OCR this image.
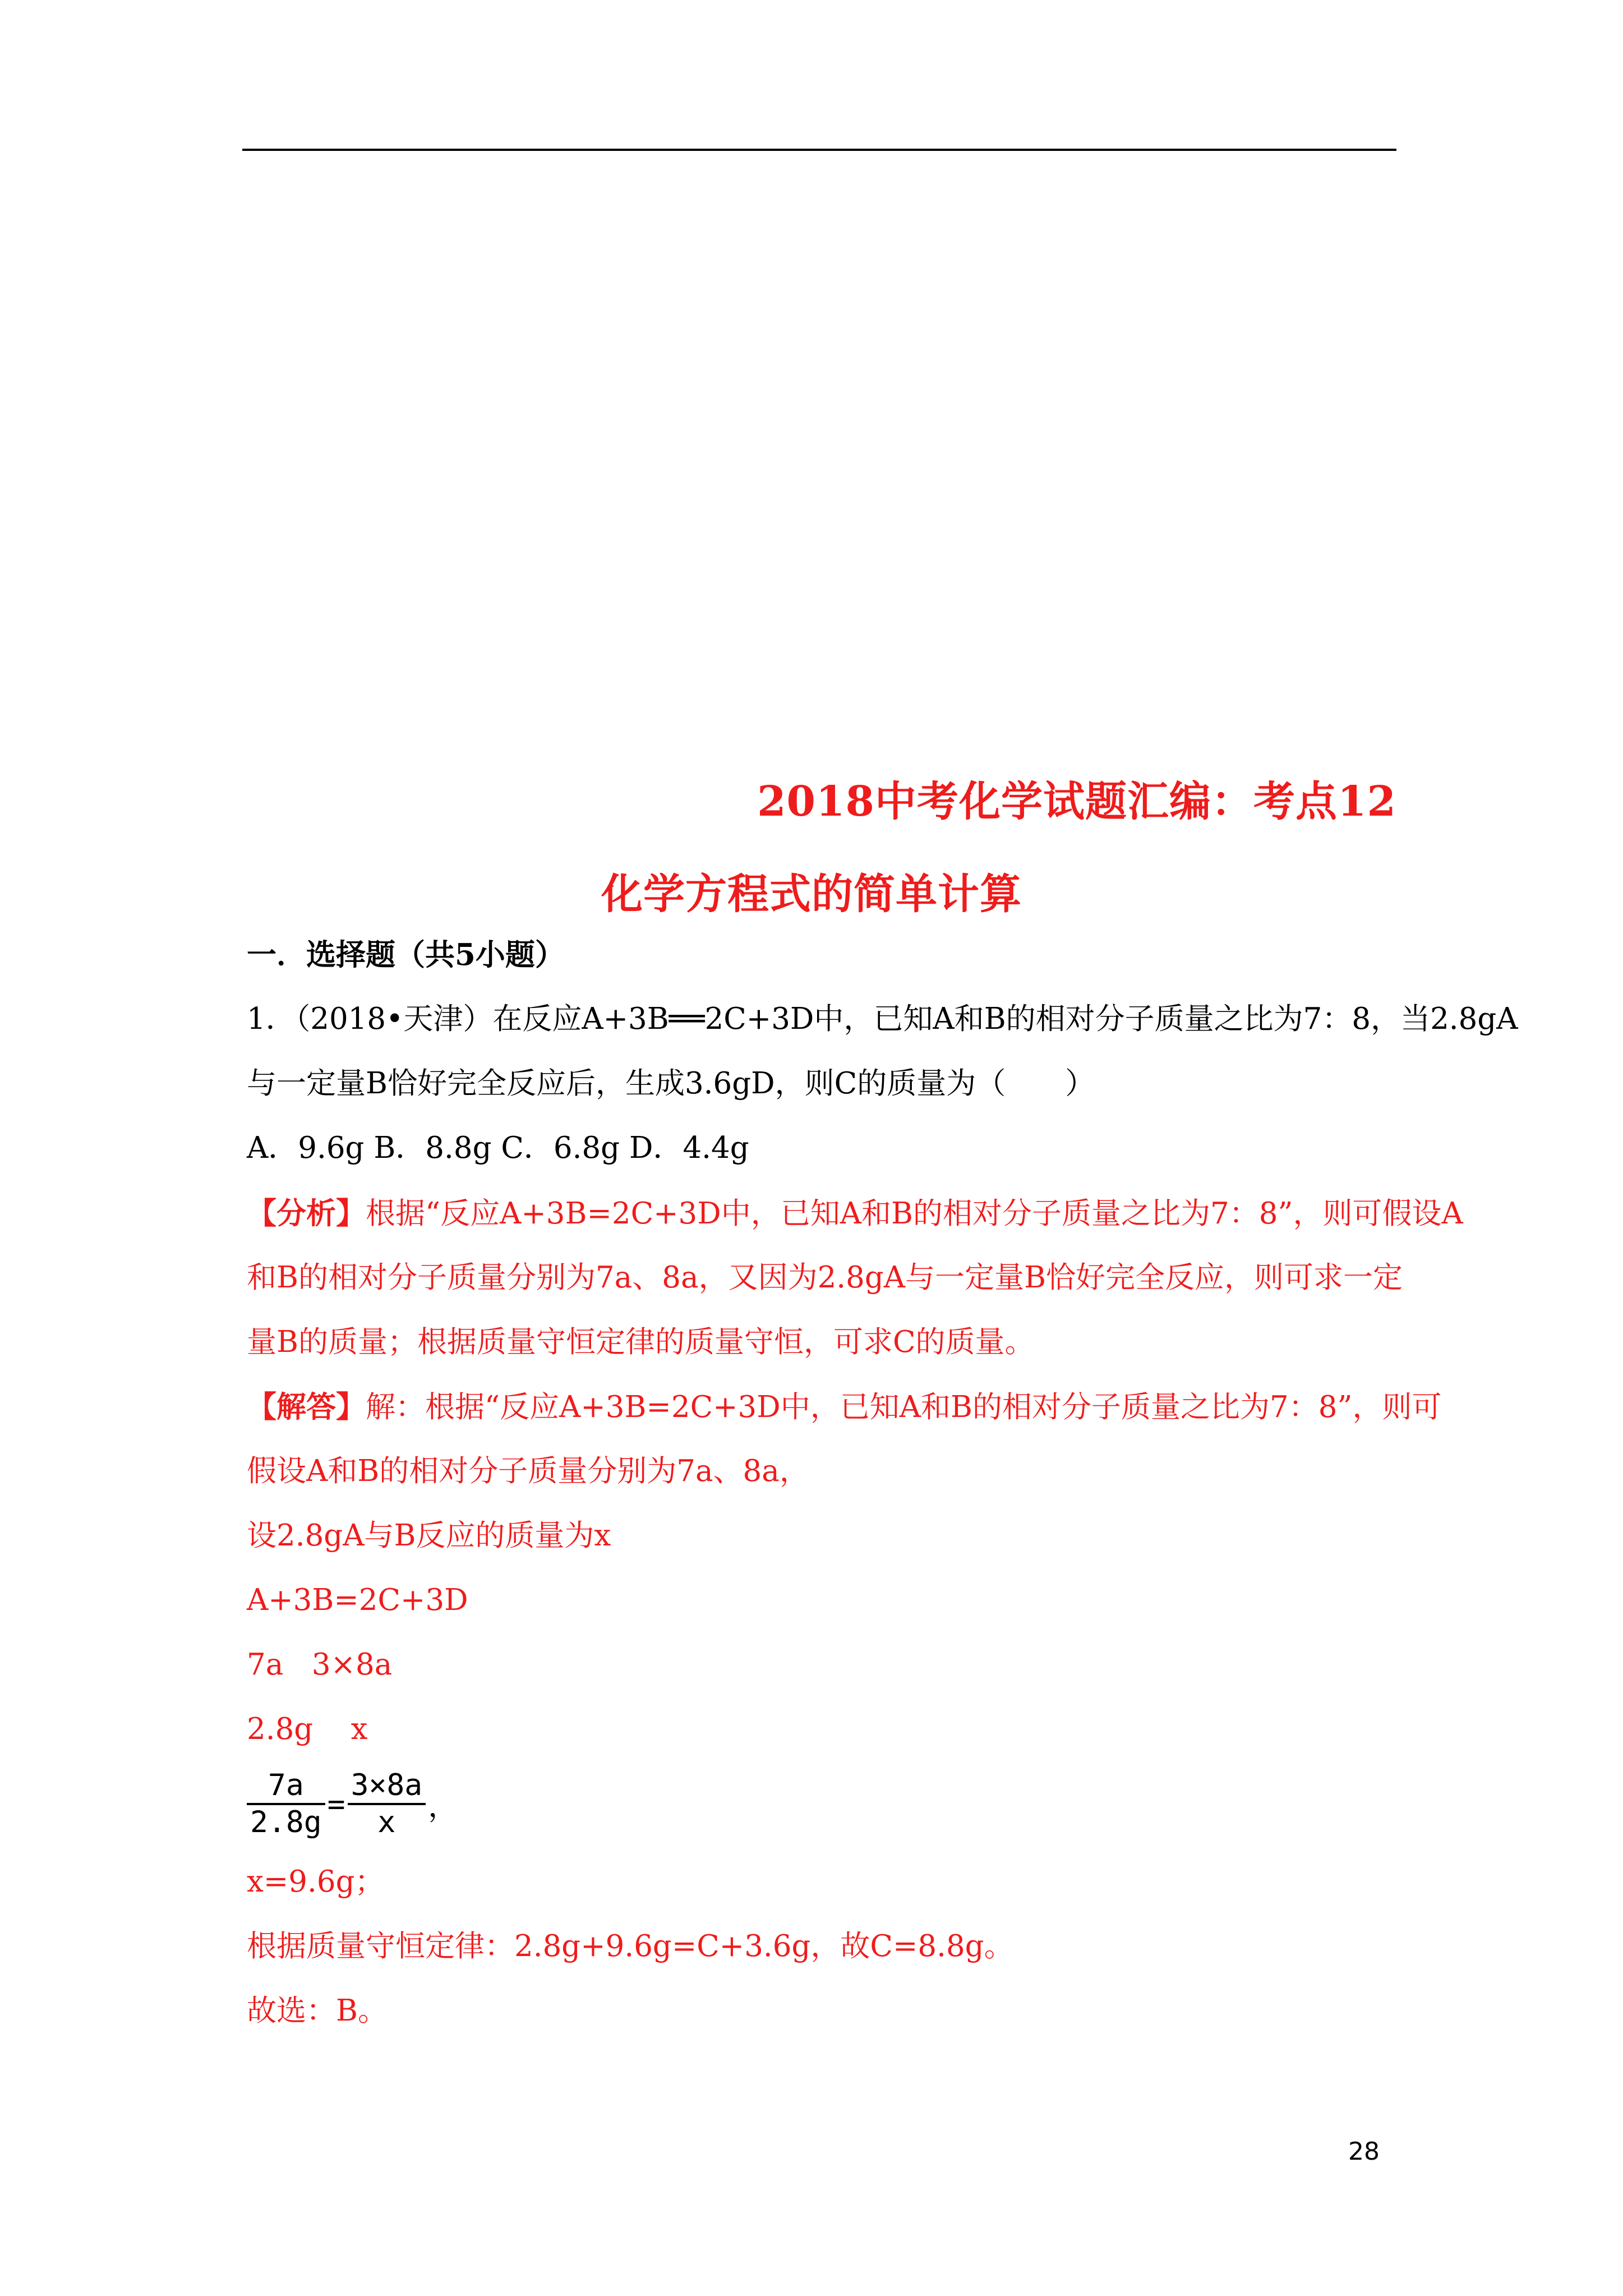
2018中考化学试题汇编：考点12
化学方程式的简单计算
一．选择题（共5小题）
1．（2018•天津）在反应A+3B══2C+3D中，已知A和B的相对分子质量之比为7：8，当2.8gA
与一定量B恰好完全反应后，生成3.6gD，则C的质量为（　　）
A．9.6g B．8.8g C．6.8g D．4.4g
【分析】根据“反应A+3B=2C+3D中，已知A和B的相对分子质量之比为7：8”，则可假设A
和B的相对分子质量分别为7a、8a，又因为2.8gA与一定量B恰好完全反应，则可求一定
量B的质量；根据质量守恒定律的质量守恒，可求C的质量。
【解答】解：根据“反应A+3B=2C+3D中，已知A和B的相对分子质量之比为7：8”，则可
假设A和B的相对分子质量分别为7a、8a，
设2.8gA与B反应的质量为x
A+3B=2C+3D
7a   3×8a
2.8g    x
$\frac{7a}{2.8g} = \frac{3\times 8a}{x}$ ，
x=9.6g；
根据质量守恒定律：2.8g+9.6g=C+3.6g，故C=8.8g。
故选：B。
28
